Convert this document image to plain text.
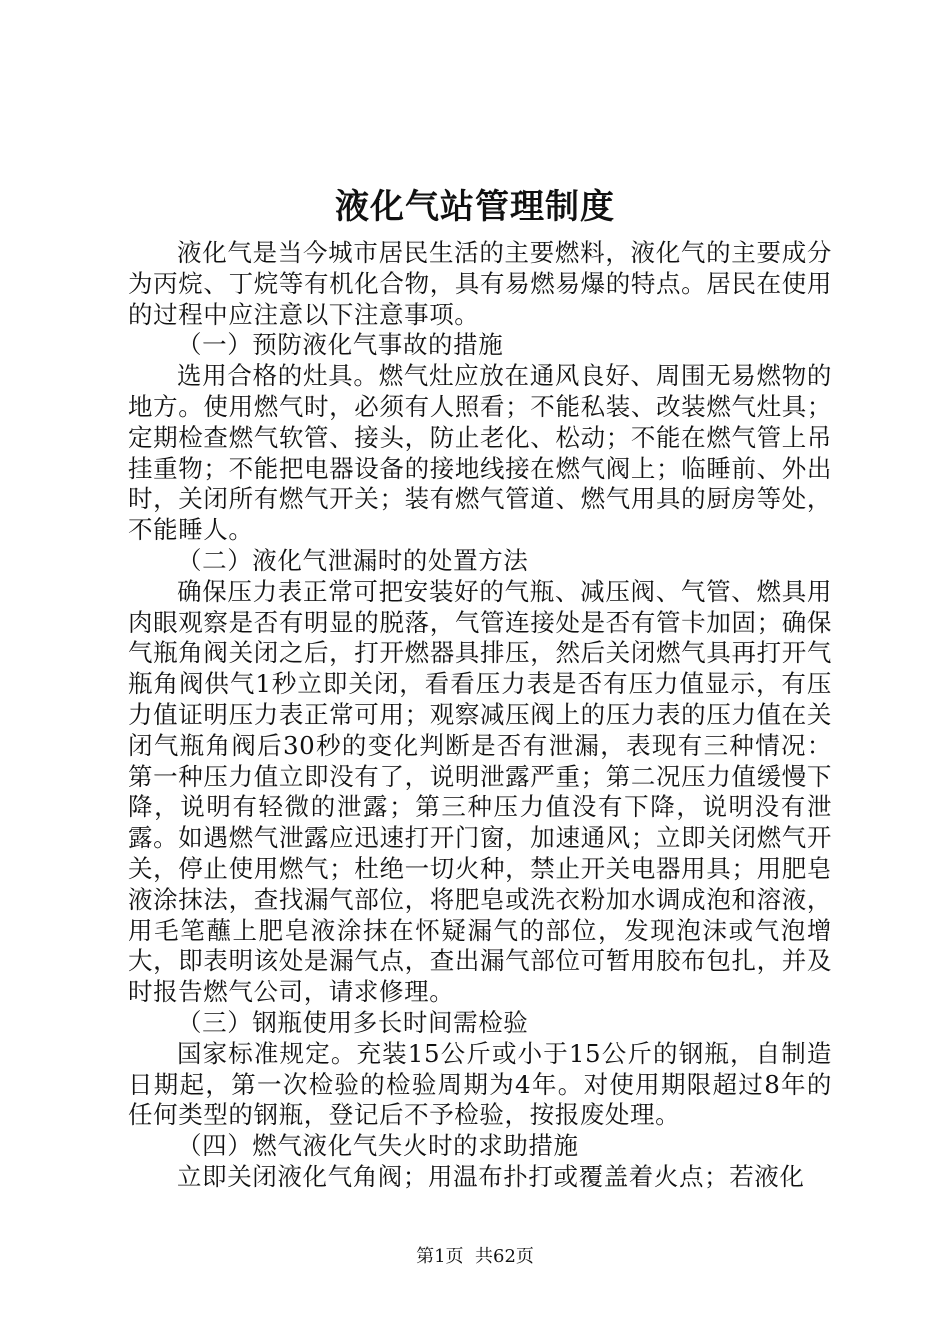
液化气站管理制度

液化气是当今城市居民生活的主要燃料，液化气的主要成分为丙烷、丁烷等有机化合物，具有易燃易爆的特点。居民在使用的过程中应注意以下注意事项。

（一）预防液化气事故的措施

选用合格的灶具。燃气灶应放在通风良好、周围无易燃物的地方。使用燃气时，必须有人照看；不能私装、改装燃气灶具；定期检查燃气软管、接头，防止老化、松动；不能在燃气管上吊挂重物；不能把电器设备的接地线接在燃气阀上；临睡前、外出时，关闭所有燃气开关；装有燃气管道、燃气用具的厨房等处，不能睡人。

（二）液化气泄漏时的处置方法

确保压力表正常可把安装好的气瓶、减压阀、气管、燃具用肉眼观察是否有明显的脱落，气管连接处是否有管卡加固；确保气瓶角阀关闭之后，打开燃器具排压，然后关闭燃气具再打开气瓶角阀供气1秒立即关闭，看看压力表是否有压力值显示，有压力值证明压力表正常可用；观察减压阀上的压力表的压力值在关闭气瓶角阀后30秒的变化判断是否有泄漏，表现有三种情况：第一种压力值立即没有了，说明泄露严重；第二况压力值缓慢下降，说明有轻微的泄露；第三种压力值没有下降，说明没有泄露。如遇燃气泄露应迅速打开门窗，加速通风；立即关闭燃气开关，停止使用燃气；杜绝一切火种，禁止开关电器用具；用肥皂液涂抹法，查找漏气部位，将肥皂或洗衣粉加水调成泡和溶液，用毛笔蘸上肥皂液涂抹在怀疑漏气的部位，发现泡沫或气泡增大，即表明该处是漏气点，查出漏气部位可暂用胶布包扎，并及时报告燃气公司，请求修理。

（三）钢瓶使用多长时间需检验

国家标准规定。充装15公斤或小于15公斤的钢瓶，自制造日期起，第一次检验的检验周期为4年。对使用期限超过8年的任何类型的钢瓶，登记后不予检验，按报废处理。

（四）燃气液化气失火时的求助措施

立即关闭液化气角阀；用温布扑打或覆盖着火点；若液化

第1页  共62页
